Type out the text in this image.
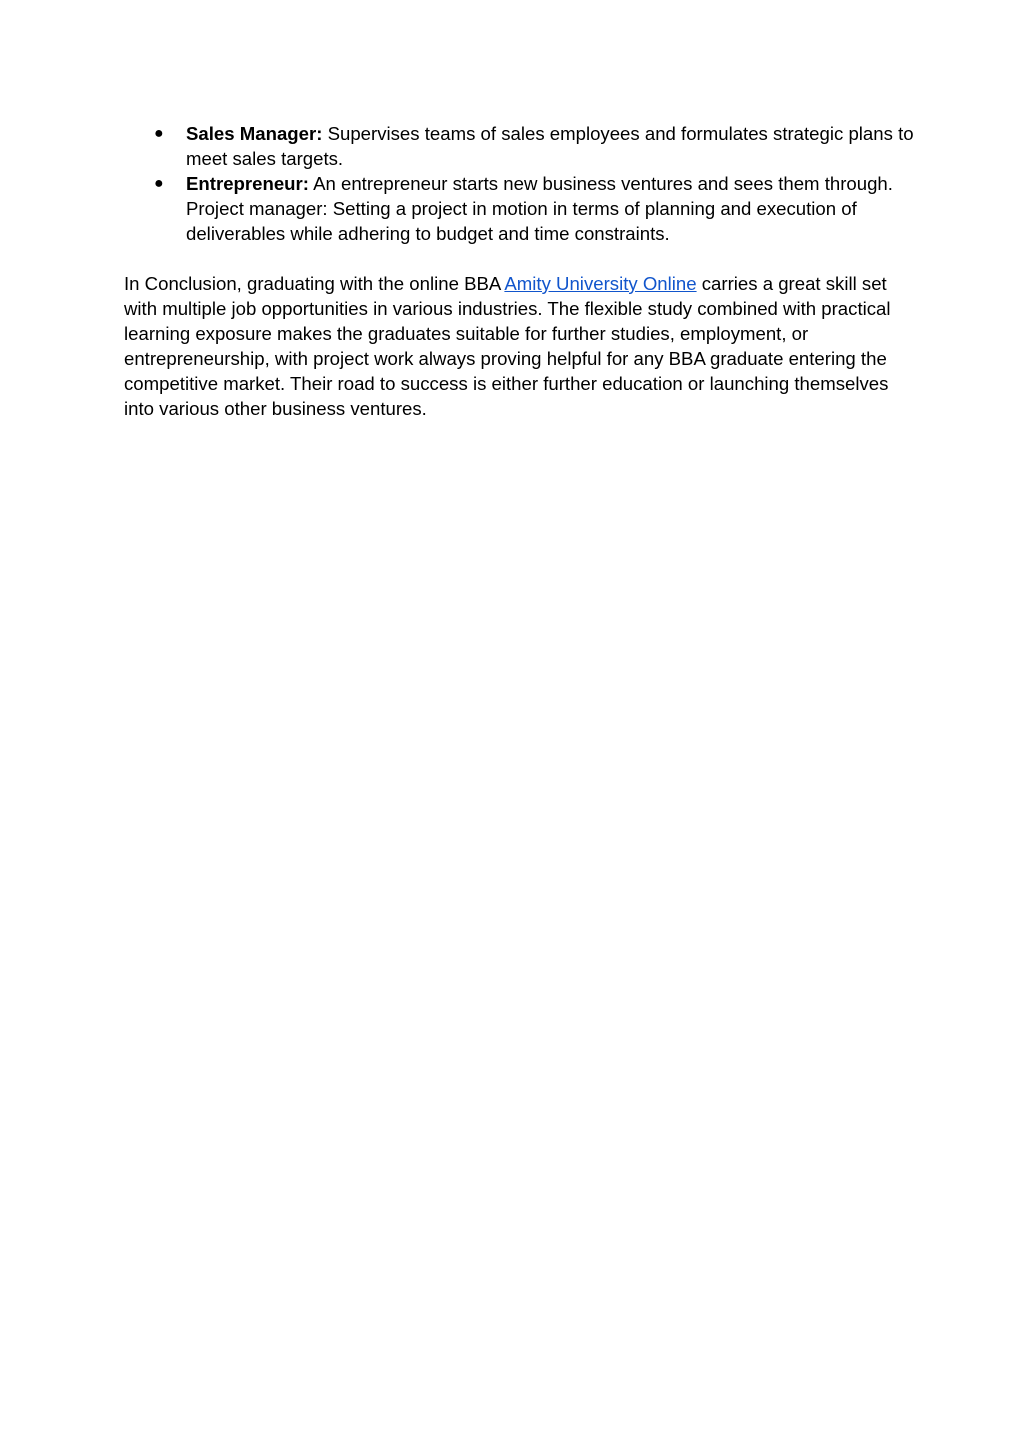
● Sales Manager: Supervises teams of sales employees and formulates strategic plans to meet sales targets.
● Entrepreneur: An entrepreneur starts new business ventures and sees them through. Project manager: Setting a project in motion in terms of planning and execution of deliverables while adhering to budget and time constraints.

In Conclusion, graduating with the online BBA Amity University Online carries a great skill set with multiple job opportunities in various industries. The flexible study combined with practical learning exposure makes the graduates suitable for further studies, employment, or entrepreneurship, with project work always proving helpful for any BBA graduate entering the competitive market. Their road to success is either further education or launching themselves into various other business ventures.
